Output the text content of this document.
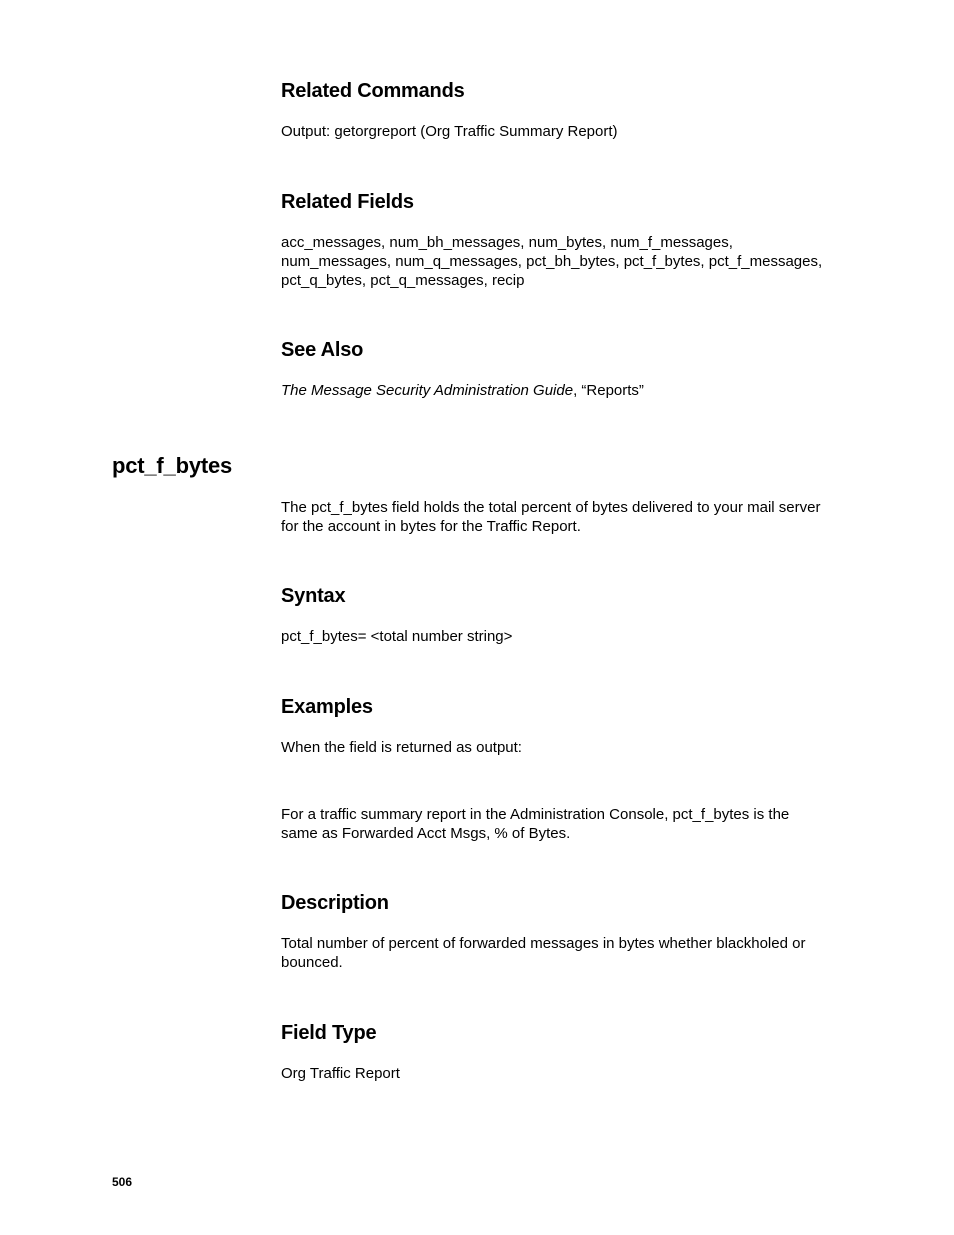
Related Commands

Output: getorgreport (Org Traffic Summary Report)

Related Fields

acc_messages, num_bh_messages, num_bytes, num_f_messages,
num_messages, num_q_messages, pct_bh_bytes, pct_f_bytes, pct_f_messages,
pct_q_bytes, pct_q_messages, recip

See Also

The Message Security Administration Guide, “Reports”

pct_f_bytes

The pct_f_bytes field holds the total percent of bytes delivered to your mail server
for the account in bytes for the Traffic Report.

Syntax

pct_f_bytes= <total number string>

Examples

When the field is returned as output:

For a traffic summary report in the Administration Console, pct_f_bytes is the
same as Forwarded Acct Msgs, % of Bytes.

Description

Total number of percent of forwarded messages in bytes whether blackholed or
bounced.

Field Type

Org Traffic Report

506
